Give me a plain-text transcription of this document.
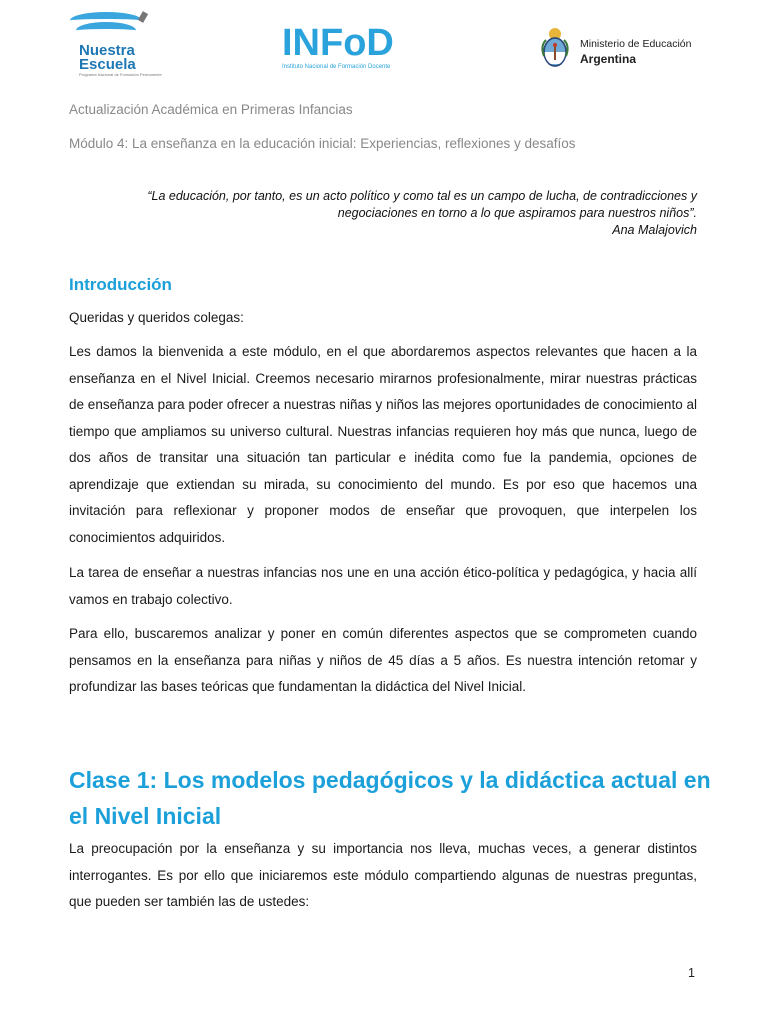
Nuestra
Escuela
Programa Nacional de Formación Permanente
INFoD
Instituto Nacional de Formación Docente
Ministerio de Educación
Argentina
Actualización Académica en Primeras Infancias
Módulo 4: La enseñanza en la educación inicial: Experiencias, reflexiones y desafíos
“La educación, por tanto, es un acto político y como tal es un campo de lucha, de contradicciones y
negociaciones en torno a lo que aspiramos para nuestros niños”.
Ana Malajovich
Introducción
Queridas y queridos colegas:
Les damos la bienvenida a este módulo, en el que abordaremos aspectos relevantes que hacen a la enseñanza en el Nivel Inicial. Creemos necesario mirarnos profesionalmente, mirar nuestras prácticas de enseñanza para poder ofrecer a nuestras niñas y niños las mejores oportunidades de conocimiento al tiempo que ampliamos su universo cultural. Nuestras infancias requieren hoy más que nunca, luego de dos años de transitar una situación tan particular e inédita como fue la pandemia, opciones de aprendizaje que extiendan su mirada, su conocimiento del mundo. Es por eso que hacemos una invitación para reflexionar y proponer modos de enseñar que provoquen, que interpelen los conocimientos adquiridos.
La tarea de enseñar a nuestras infancias nos une en una acción ético-política y pedagógica, y hacia allí vamos en trabajo colectivo.
Para ello, buscaremos analizar y poner en común diferentes aspectos que se comprometen cuando pensamos en la enseñanza para niñas y niños de 45 días a 5 años. Es nuestra intención retomar y profundizar las bases teóricas que fundamentan la didáctica del Nivel Inicial.
Clase 1: Los modelos pedagógicos y la didáctica actual en el Nivel Inicial
La preocupación por la enseñanza y su importancia nos lleva, muchas veces, a generar distintos interrogantes. Es por ello que iniciaremos este módulo compartiendo algunas de nuestras preguntas, que pueden ser también las de ustedes:
1
